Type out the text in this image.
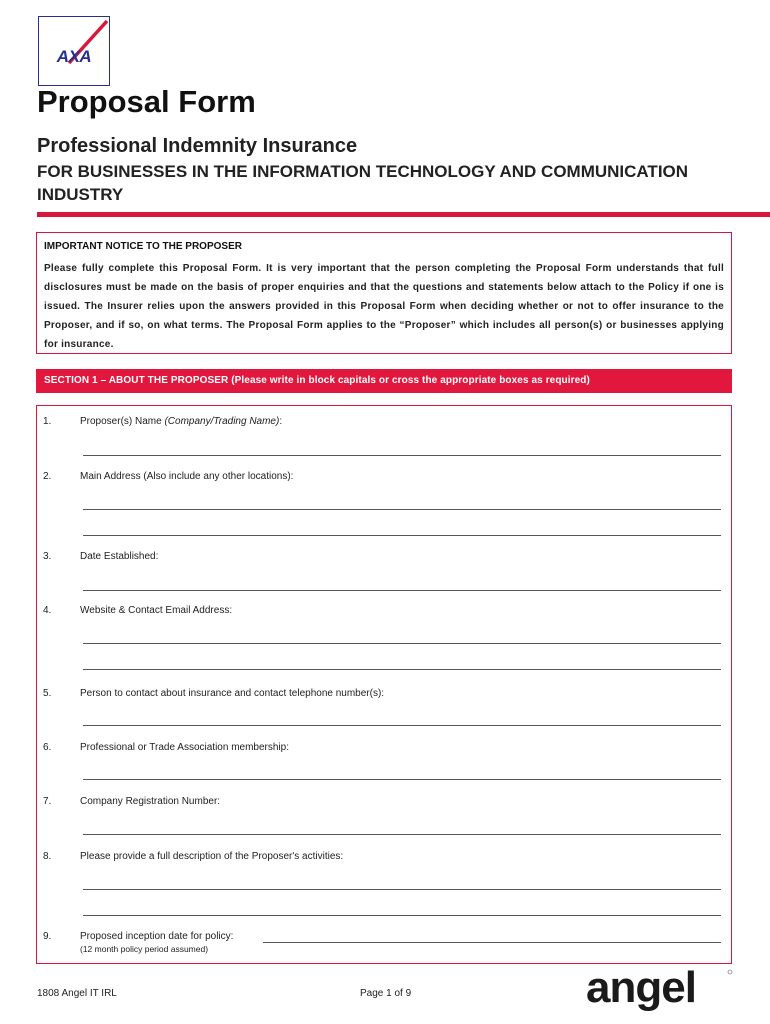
AXA
Proposal Form
Professional Indemnity Insurance
FOR BUSINESSES IN THE INFORMATION TECHNOLOGY AND COMMUNICATION INDUSTRY
IMPORTANT NOTICE TO THE PROPOSER
Please fully complete this Proposal Form. It is very important that the person completing the Proposal Form understands that full disclosures must be made on the basis of proper enquiries and that the questions and statements below attach to the Policy if one is issued. The Insurer relies upon the answers provided in this Proposal Form when deciding whether or not to offer insurance to the Proposer, and if so, on what terms. The Proposal Form applies to the “Proposer” which includes all person(s) or businesses applying for insurance.
SECTION 1 – ABOUT THE PROPOSER (Please write in block capitals or cross the appropriate boxes as required)
1.	Proposer(s) Name (Company/Trading Name):
2.	Main Address (Also include any other locations):
3.	Date Established:
4.	Website & Contact Email Address:
5.	Person to contact about insurance and contact telephone number(s):
6.	Professional or Trade Association membership:
7.	Company Registration Number:
8.	Please provide a full description of the Proposer's activities:
9.	Proposed inception date for policy:
(12 month policy period assumed)
1808 Angel IT IRL	Page 1 of 9	angel
